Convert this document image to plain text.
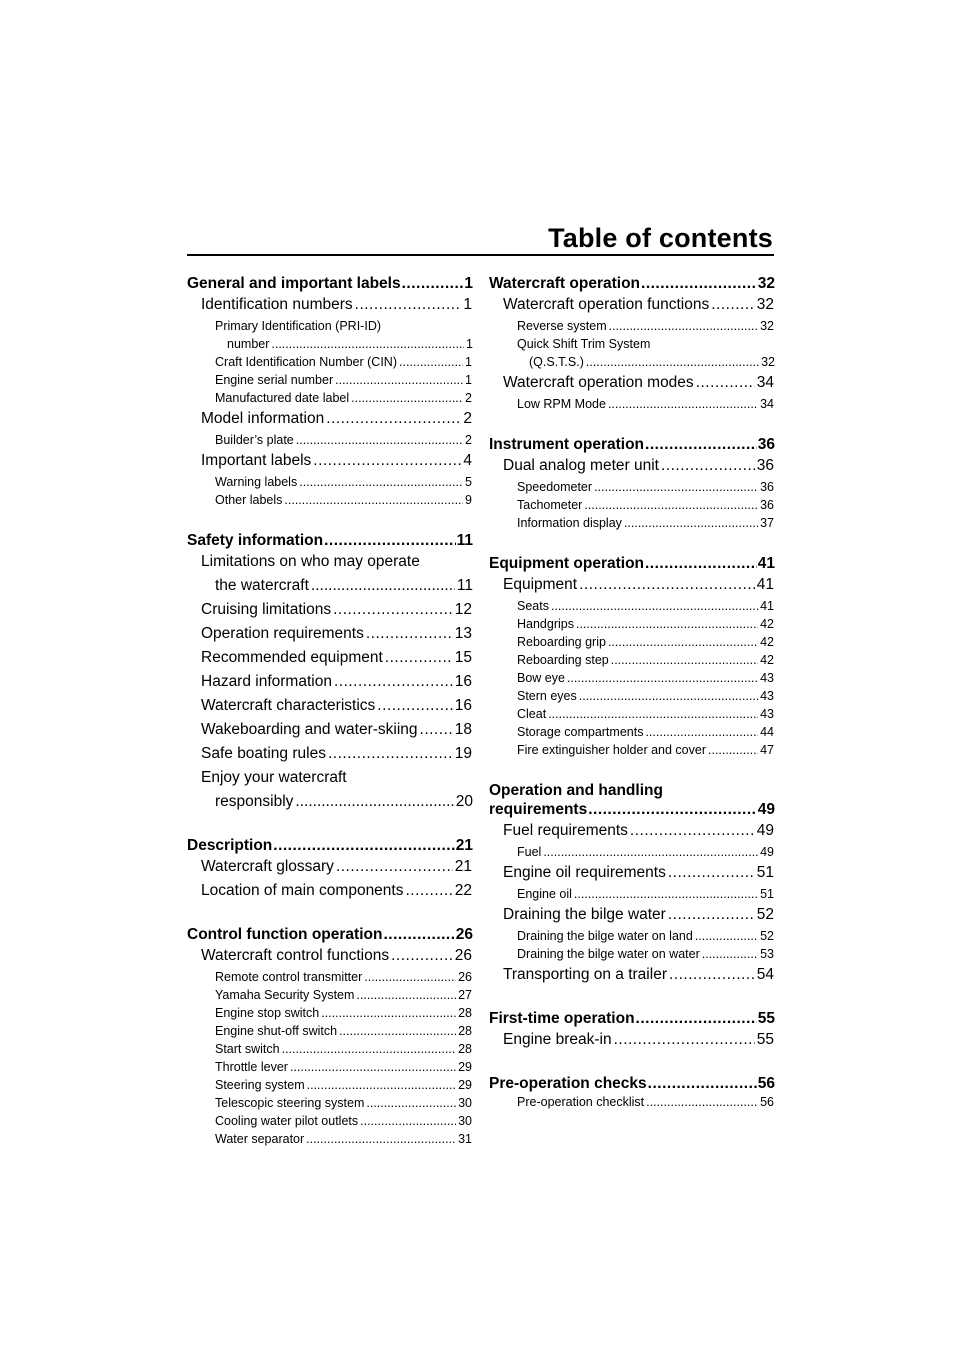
Table of contents
General and important labels .....	1
Identification numbers .....	1
Primary Identification (PRI-ID)
number .....	1
Craft Identification Number (CIN) .....	1
Engine serial number .....	1
Manufactured date label .....	2
Model information .....	2
Builder’s plate .....	2
Important labels .....	4
Warning labels .....	5
Other labels .....	9
Safety information .....	11
Limitations on who may operate
the watercraft .....	11
Cruising limitations .....	12
Operation requirements .....	13
Recommended equipment .....	15
Hazard information .....	16
Watercraft characteristics .....	16
Wakeboarding and water-skiing ..... 18
Safe boating rules .....	19
Enjoy your watercraft
responsibly .....	20
Description .....	21
Watercraft glossary .....	21
Location of main components .....	22
Control function operation .....	26
Watercraft control functions .....	26
Remote control transmitter .....	26
Yamaha Security System .....	27
Engine stop switch .....	28
Engine shut-off switch .....	28
Start switch .....	28
Throttle lever .....	29
Steering system .....	29
Telescopic steering system .....	30
Cooling water pilot outlets .....	30
Water separator .....	31
Watercraft operation .....	32
Watercraft operation functions .....	32
Reverse system .....	32
Quick Shift Trim System
(Q.S.T.S.) .....	32
Watercraft operation modes .....	34
Low RPM Mode .....	34
Instrument operation .....	36
Dual analog meter unit .....	36
Speedometer .....	36
Tachometer .....	36
Information display .....	37
Equipment operation .....	41
Equipment .....	41
Seats .....	41
Handgrips .....	42
Reboarding grip .....	42
Reboarding step .....	42
Bow eye .....	43
Stern eyes .....	43
Cleat .....	43
Storage compartments .....	44
Fire extinguisher holder and cover .....	47
Operation and handling
requirements .....	49
Fuel requirements .....	49
Fuel .....	49
Engine oil requirements .....	51
Engine oil .....	51
Draining the bilge water .....	52
Draining the bilge water on land .....	52
Draining the bilge water on water .....	53
Transporting on a trailer .....	54
First-time operation .....	55
Engine break-in .....	55
Pre-operation checks .....	56
Pre-operation checklist .....	56
